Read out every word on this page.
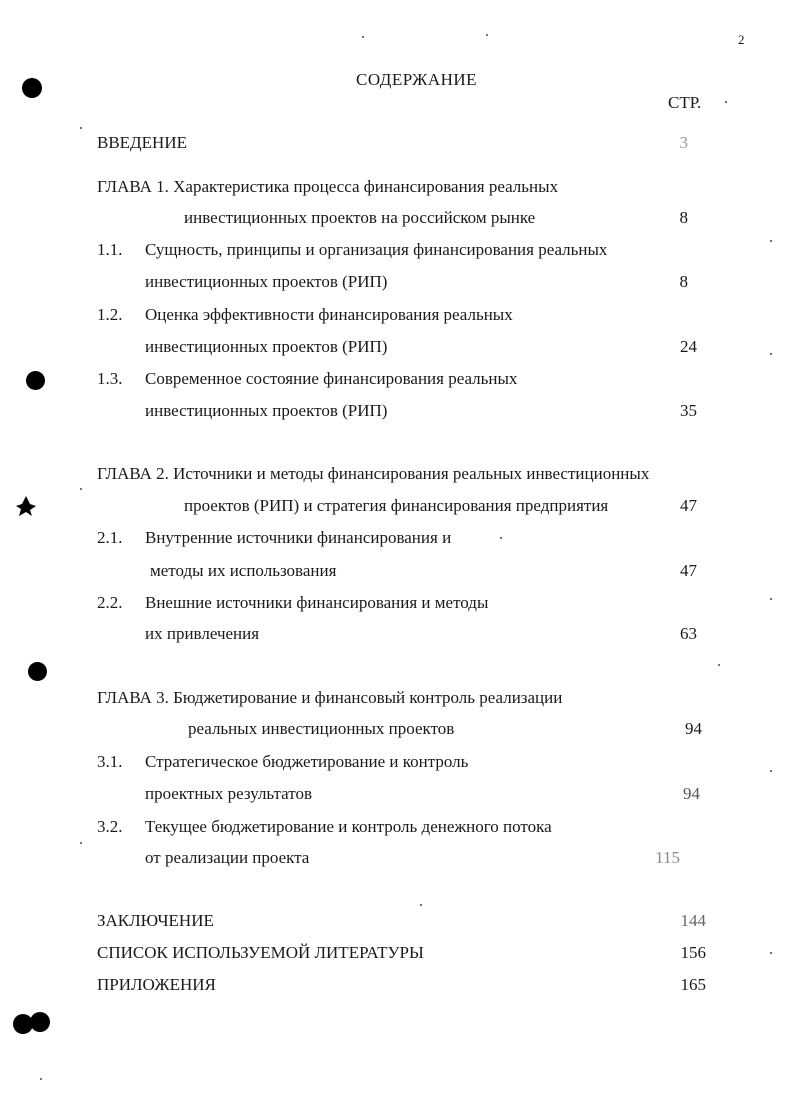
2
СОДЕРЖАНИЕ
СТР.
ВВЕДЕНИЕ	3
ГЛАВА 1. Характеристика процесса финансирования реальных
инвестиционных проектов на российском рынке	8
1.1. Сущность, принципы и организация финансирования реальных
инвестиционных проектов (РИП)	8
1.2. Оценка эффективности финансирования реальных
инвестиционных проектов (РИП)	24
1.3. Современное состояние финансирования реальных
инвестиционных проектов (РИП)	35
ГЛАВА 2. Источники и методы финансирования реальных инвестиционных
проектов (РИП) и стратегия финансирования предприятия	47
2.1. Внутренние источники финансирования и
методы их использования	47
2.2. Внешние источники финансирования и методы
их привлечения	63
ГЛАВА 3. Бюджетирование и финансовый контроль реализации
реальных инвестиционных проектов	94
3.1. Стратегическое бюджетирование и контроль
проектных результатов	94
3.2. Текущее бюджетирование и контроль денежного потока
от реализации проекта	115
ЗАКЛЮЧЕНИЕ	144
СПИСОК ИСПОЛЬЗУЕМОЙ ЛИТЕРАТУРЫ	156
ПРИЛОЖЕНИЯ	165
